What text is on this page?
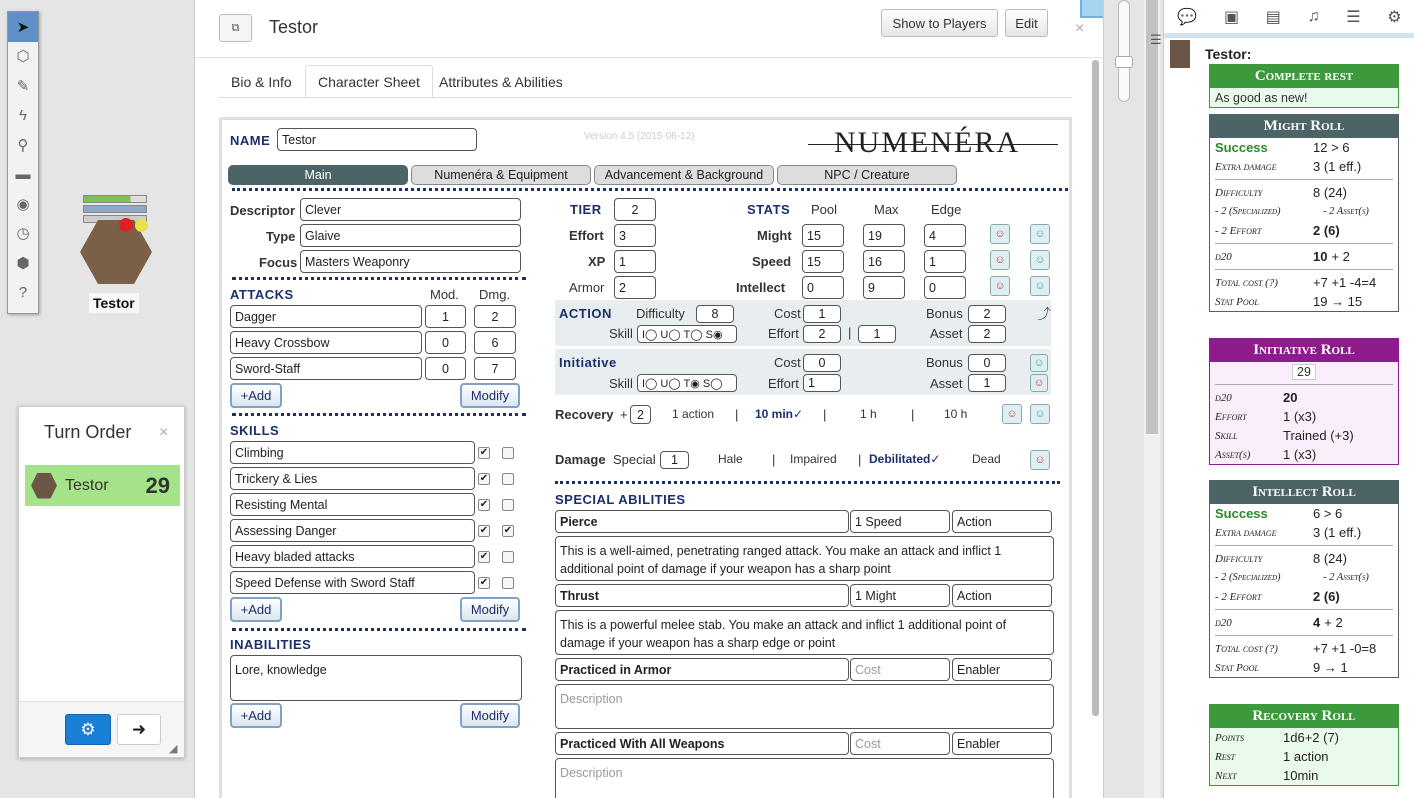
➤
⬡
✎
ϟ
⚲
▬
◉
◷
⬢
?
Testor
Turn Order ×
Testor 29
⚙	➜
◢
⧉	Testor	Show to Players	Edit	×
Bio & Info	Character Sheet	Attributes & Abilities
NAME Testor	Version 4.5 (2015-06-12)	NUMENÉRA
Main	Numenéra & Equipment	Advancement & Background	NPC / Creature
Descriptor Clever
Type Glaive
Focus Masters Weaponry
ATTACKS	Mod. Dmg.
Dagger	1	2
Heavy Crossbow	0	6
Sword-Staff	0	7
+Add	Modify
SKILLS
Climbing	✔
Trickery & Lies	✔
Resisting Mental	✔
Assessing Danger	✔ ✔
Heavy bladed attacks	✔
Speed Defense with Sword Staff	✔
+Add	Modify
INABILITIES
Lore, knowledge
+Add	Modify
TIER	2
Effort	3
XP	1
Armor	2
STATS Pool	Max Edge
Might	15	19	4	☺	☺
Speed	15	16	1	☺	☺
Intellect	0	9	0	☺	☺
ACTION Difficulty	8	Cost	1	Bonus	2	⤴
Skill I◯ U◯ T◯ S◉	Effort	2	|	1	Asset	2
Initiative	Cost	0	Bonus	0	☺
Skill I◯ U◯ T◉ S◯	Effort 1	Asset	1	☺
Recovery + 2	1 action | 10 min✓ |	1 h	| 10 h	☺	☺
Damage Special	1	Hale | Impaired | Debilitated✓	Dead	☺
SPECIAL ABILITIES
Pierce	1 Speed	Action
This is a well-aimed, penetrating ranged attack. You make an attack and inflict 1 additional point of damage if your weapon has a sharp point
Thrust	1 Might	Action
This is a powerful melee stab. You make an attack and inflict 1 additional point of damage if your weapon has a sharp edge or point
Practiced in Armor	Cost	Enabler
Description
Practiced With All Weapons	Cost	Enabler
Description
☰
💬 ▣ ▤ ♫ ☰ ⚙
Testor:
Complete rest
As good as new!
Might Roll
Success	12 > 6
Extra damage	3 (1 eff.)
Difficulty	8 (24)
- 2 (Specialized)	- 2 Asset(s)
- 2 Effort	2 (6)
d20	10 + 2
Total cost (?)	+7 +1 -4=4
Stat Pool	19 → 15
Initiative Roll
29
d20	20
Effort	1 (x3)
Skill	Trained (+3)
Asset(s)	1 (x3)
Intellect Roll
Success	6 > 6
Extra damage	3 (1 eff.)
Difficulty	8 (24)
- 2 (Specialized)	- 2 Asset(s)
- 2 Effort	2 (6)
d20	4 + 2
Total cost (?)	+7 +1 -0=8
Stat Pool	9 → 1
Recovery Roll
Points	1d6+2 (7)
Rest	1 action
Next	10min
